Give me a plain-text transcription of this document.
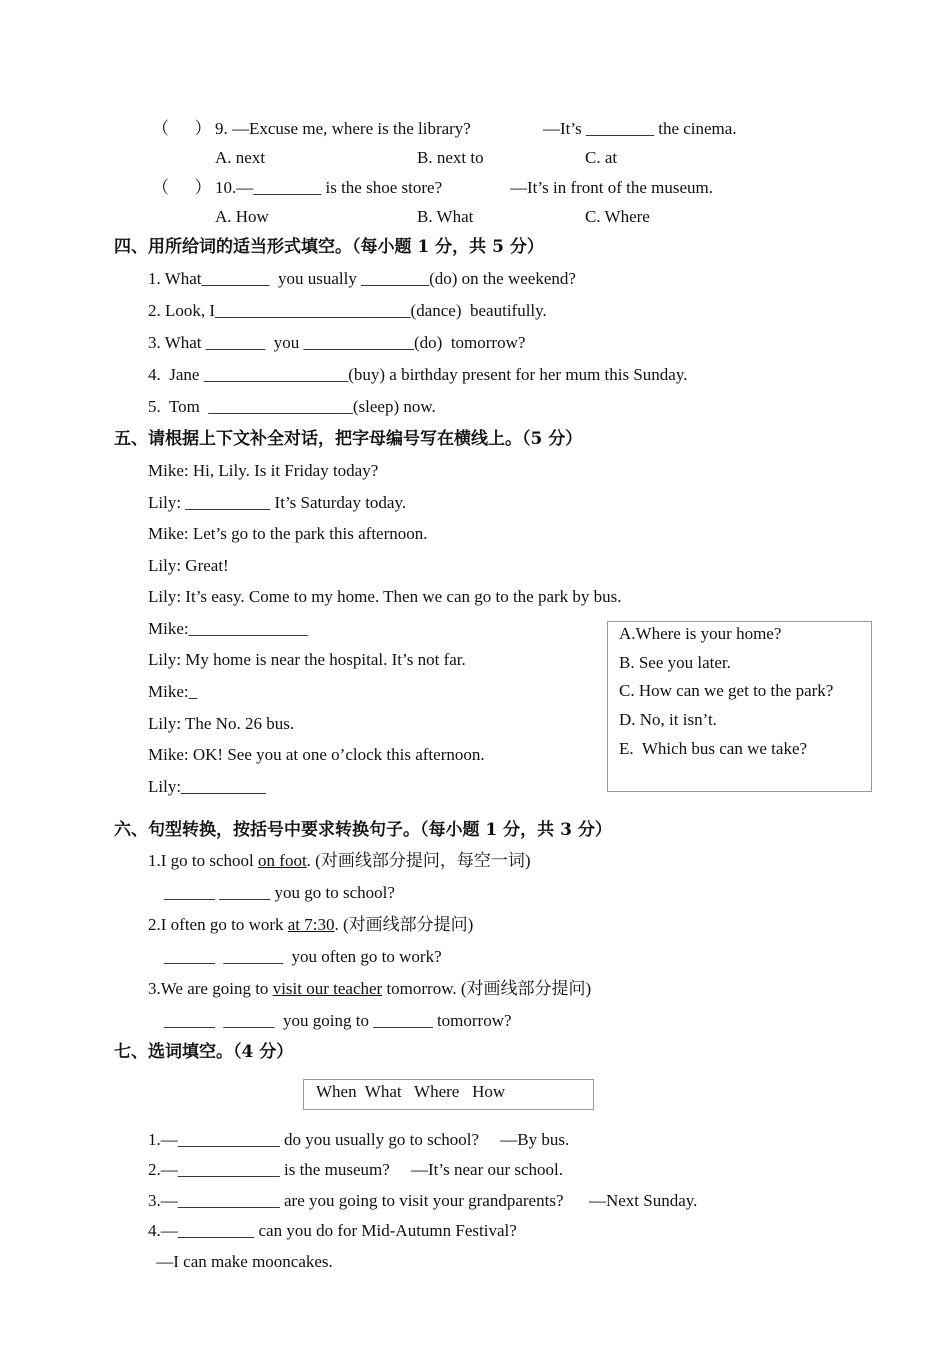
（      ） 9. —Excuse me, where is the library?	—It’s ________ the cinema.
A. next	B. next to	C. at
（      ） 10.—________ is the shoe store?	—It’s in front of the museum.
A. How	B. What	C. Where
四、用所给词的适当形式填空。（每小题 1 分，共 5 分）
1. What________  you usually ________(do) on the weekend?
2. Look, I_______________________(dance)  beautifully.
3. What _______  you _____________(do)  tomorrow?
4.  Jane _________________(buy) a birthday present for her mum this Sunday.
5.  Tom  _________________(sleep) now.
五、请根据上下文补全对话，把字母编号写在横线上。（5 分）
Mike: Hi, Lily. Is it Friday today?
Lily: __________ It’s Saturday today.
Mike: Let’s go to the park this afternoon.
Lily: Great!
Lily: It’s easy. Come to my home. Then we can go to the park by bus.
Mike:______________
Lily: My home is near the hospital. It’s not far.
Mike:_
Lily: The No. 26 bus.
Mike: OK! See you at one o’clock this afternoon.
Lily:__________
A.Where is your home?
B. See you later.
C. How can we get to the park?
D. No, it isn’t.
E.  Which bus can we take?
六、句型转换，按括号中要求转换句子。（每小题 1 分，共 3 分）
1.I go to school on foot. (对画线部分提问，每空一词)
______ ______ you go to school?
2.I often go to work at 7:30. (对画线部分提问)
______  _______  you often go to work?
3.We are going to visit our teacher tomorrow. (对画线部分提问)
______  ______  you going to _______ tomorrow?
七、选词填空。（4 分）
When  What   Where   How
1.—____________ do you usually go to school?     —By bus.
2.—____________ is the museum?     —It’s near our school.
3.—____________ are you going to visit your grandparents?      —Next Sunday.
4.—_________ can you do for Mid-Autumn Festival?
—I can make mooncakes.
